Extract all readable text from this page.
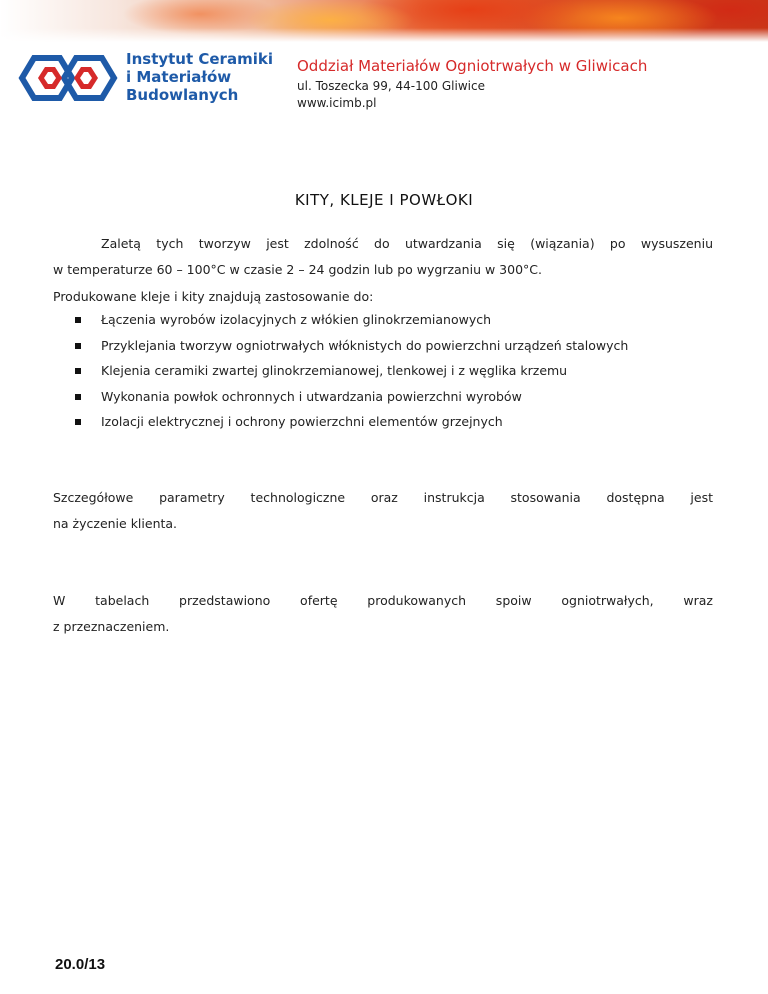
Instytut Ceramiki
i Materiałów
Budowlanych
Oddział Materiałów Ogniotrwałych w Gliwicach
ul. Toszecka 99, 44-100 Gliwice
www.icimb.pl
KITY, KLEJE I POWŁOKI
Zaletą tych tworzyw jest zdolność do utwardzania się (wiązania) po wysuszeniu
w temperaturze 60 – 100°C w czasie 2 – 24 godzin lub po wygrzaniu w 300°C.
Produkowane kleje i kity znajdują zastosowanie do:
Łączenia wyrobów izolacyjnych z włókien glinokrzemianowych
Przyklejania tworzyw ogniotrwałych włóknistych do powierzchni urządzeń stalowych
Klejenia ceramiki zwartej glinokrzemianowej, tlenkowej i z węglika krzemu
Wykonania powłok ochronnych i utwardzania powierzchni wyrobów
Izolacji elektrycznej i ochrony powierzchni elementów grzejnych
Szczegółowe parametry technologiczne oraz instrukcja stosowania dostępna jest
na życzenie klienta.
W tabelach przedstawiono ofertę produkowanych spoiw ogniotrwałych, wraz
z przeznaczeniem.
20.0/13
